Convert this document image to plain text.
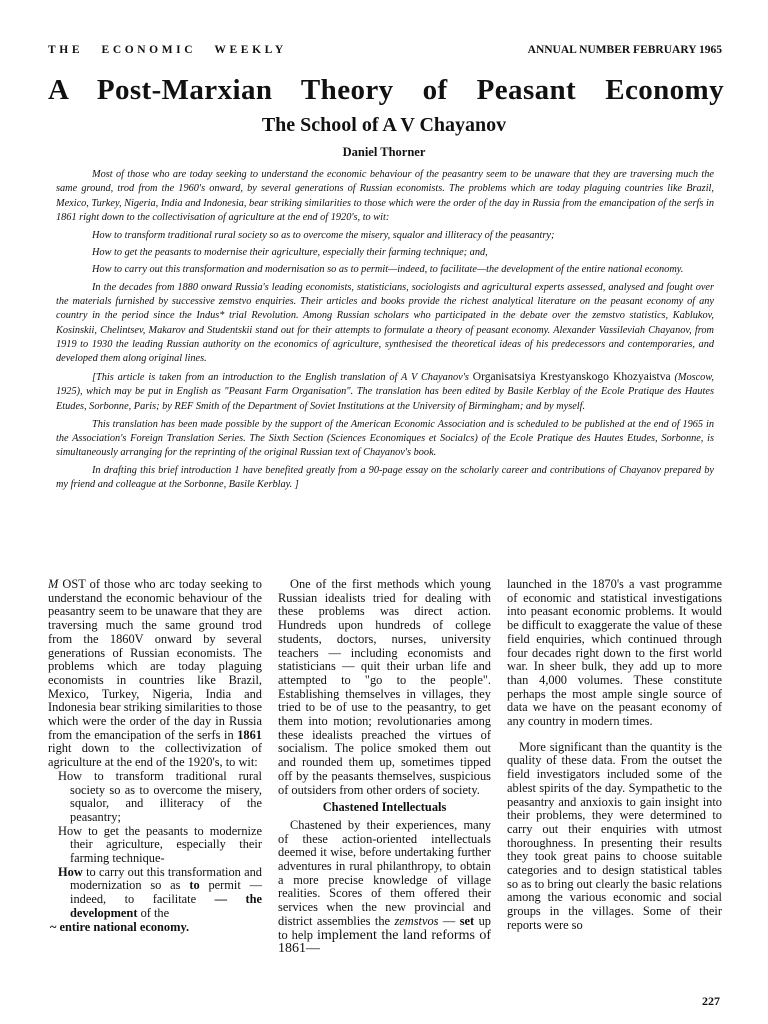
THE ECONOMIC WEEKLY	ANNUAL NUMBER FEBRUARY 1965
A Post-Marxian Theory of Peasant Economy
The School of A V Chayanov
Daniel Thorner

Most of those who are today seeking to understand the economic behaviour of the peasantry seem to be unaware that they are traversing much the same ground, trod from the 1960's onward, by several generations of Russian economists. The problems which are today plaguing countries like Brazil, Mexico, Turkey, Nigeria, India and Indonesia, bear striking similarities to those which were the order of the day in Russia from the emancipation of the serfs in 1861 right down to the collectivisation of agriculture at the end of 1920's, to wit:

How to transform traditional rural society so as to overcome the misery, squalor and illiteracy of the peasantry;

How to get the peasants to modernise their agriculture, especially their farming technique; and,

How to carry out this transformation and modernisation so as to permit—indeed, to facilitate—the development of the entire national economy.

In the decades from 1880 onward Russia's leading economists, statisticians, sociologists and agricultural experts assessed, analysed and fought over the materials furnished by successive zemstvo enquiries. Their articles and books provide the richest analytical literature on the peasant economy of any country in the period since the Indus* trial Revolution. Among Russian scholars who participated in the debate over the zemstvo statistics, Kablukov, Kosinskii, Chelintsev, Makarov and Studentskii stand out for their attempts to formulate a theory of peasant economy. Alexander Vassileviah Chayanov, from 1919 to 1930 the leading Russian authority on the economics of agriculture, synthesised the theoretical ideas of his predecessors and contemporaries, and developed them along original lines.

[This article is taken from an introduction to the English translation of A V Chayanov's Organisatsiya Krestyanskogo Khozyaistva (Moscow, 1925), which may be put in English as "Peasant Farm Organisation". The translation has been edited by Basile Kerblay of the Ecole Pratique des Hautes Etudes, Sorbonne, Paris; by REF Smith of the Department of Soviet Institutions at the University of Birmingham; and by myself.

This translation has been made possible by the support of the American Economic Association and is scheduled to be published at the end of 1965 in the Association's Foreign Translation Series. The Sixth Section (Sciences Economiques et Socialcs) of the Ecole Pratique des Hautes Etudes, Sorbonne, is simultaneously arranging for the reprinting of the original Russian text of Chayanov's book.

In drafting this brief introduction 1 have benefited greatly from a 90-page essay on the scholarly career and contributions of Chayanov prepared by my friend and colleague at the Sorbonne, Basile Kerblay. ]

M OST of those who arc today seeking to understand the economic behaviour of the peasantry seem to be unaware that they are traversing much the same ground trod from the 1860V onward by several generations of Russian economists. The problems which are today plaguing economists in countries like Brazil, Mexico, Turkey, Nigeria, India and Indonesia bear striking similarities to those which were the order of the day in Russia from the emancipation of the serfs in 1861 right down to the collectivization of agriculture at the end of the 1920's, to wit:

How to transform traditional rural society so as to overcome the misery, squalor, and illiteracy of the peasantry;

How to get the peasants to modernize their agriculture, especially their farming technique-

How to carry out this transformation and modernization so as to permit — indeed, to facilitate — the development of the

~ entire national economy.

One of the first methods which young Russian idealists tried for dealing with these problems was direct action. Hundreds upon hundreds of college students, doctors, nurses, university teachers — including economists and statisticians — quit their urban life and attempted to "go to the people". Establishing themselves in villages, they tried to be of use to the peasantry, to get them into motion; revolutionaries among these idealists preached the virtues of socialism. The police smoked them out and rounded them up, sometimes tipped off by the peasants themselves, suspicious of outsiders from other orders of society.

Chastened Intellectuals

Chastened by their experiences, many of these action-oriented intellectuals deemed it wise, before undertaking further adventures in rural philanthropy, to obtain a more precise knowledge of village realities. Scores of them offered their services when the new provincial and district assemblies the zemstvos — set up to help implement the land reforms of 1861—

launched in the 1870's a vast programme of economic and statistical investigations into peasant economic problems. It would be difficult to exaggerate the value of these field enquiries, which continued through four decades right down to the first world war. In sheer bulk, they add up to more than 4,000 volumes. These constitute perhaps the most ample single source of data we have on the peasant economy of any country in modern times.

More significant than the quantity is the quality of these data. From the outset the field investigators included some of the ablest spirits of the day. Sympathetic to the peasantry and anxioxis to gain insight into their problems, they were determined to carry out their enquiries with utmost thoroughness. In presenting their results they took great pains to choose suitable categories and to design statistical tables so as to bring out clearly the basic relations among the various economic and social groups in the villages. Some of their reports were so

227
